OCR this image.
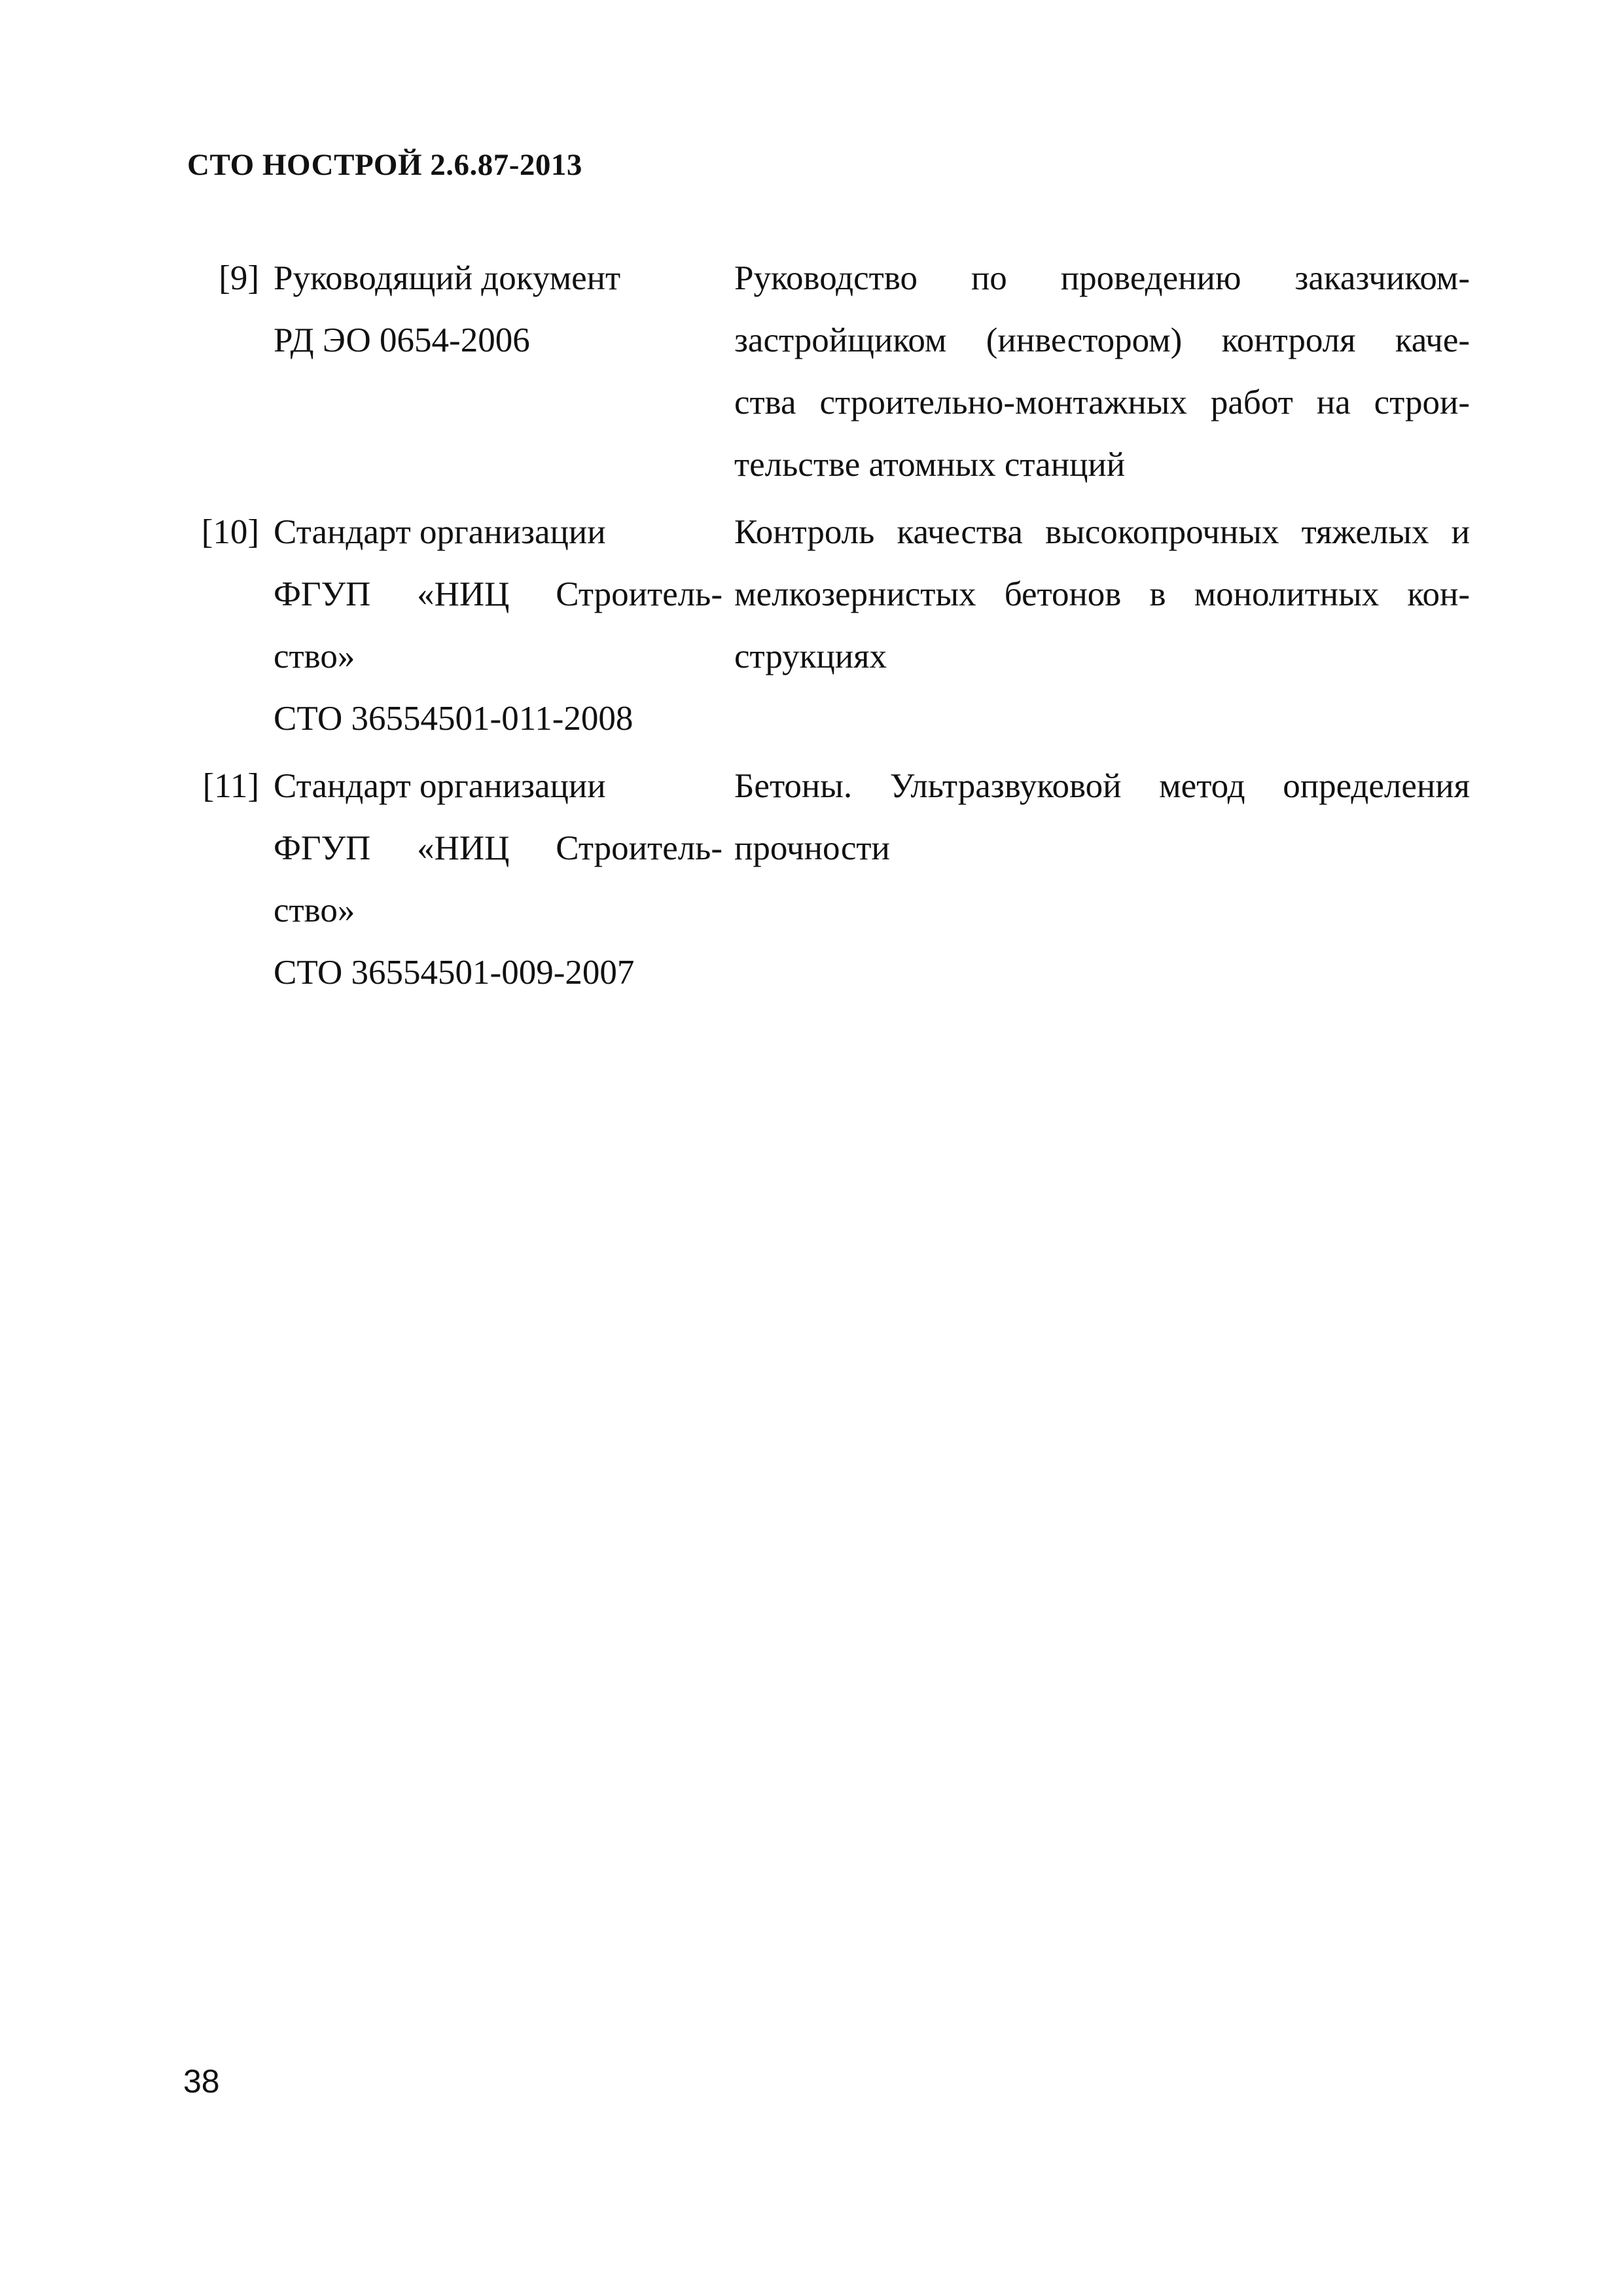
СТО НОСТРОЙ 2.6.87-2013
[9] Руководящий документ
РД ЭО 0654-2006
Руководство по проведению заказчиком-
застройщиком (инвестором) контроля каче-
ства строительно-монтажных работ на строи-
тельстве атомных станций
[10] Стандарт организации
ФГУП «НИЦ Строитель-
ство»
СТО 36554501-011-2008
Контроль качества высокопрочных тяжелых и
мелкозернистых бетонов в монолитных кон-
струкциях
[11] Стандарт организации
ФГУП «НИЦ Строитель-
ство»
СТО 36554501-009-2007
Бетоны. Ультразвуковой метод определения
прочности
38
